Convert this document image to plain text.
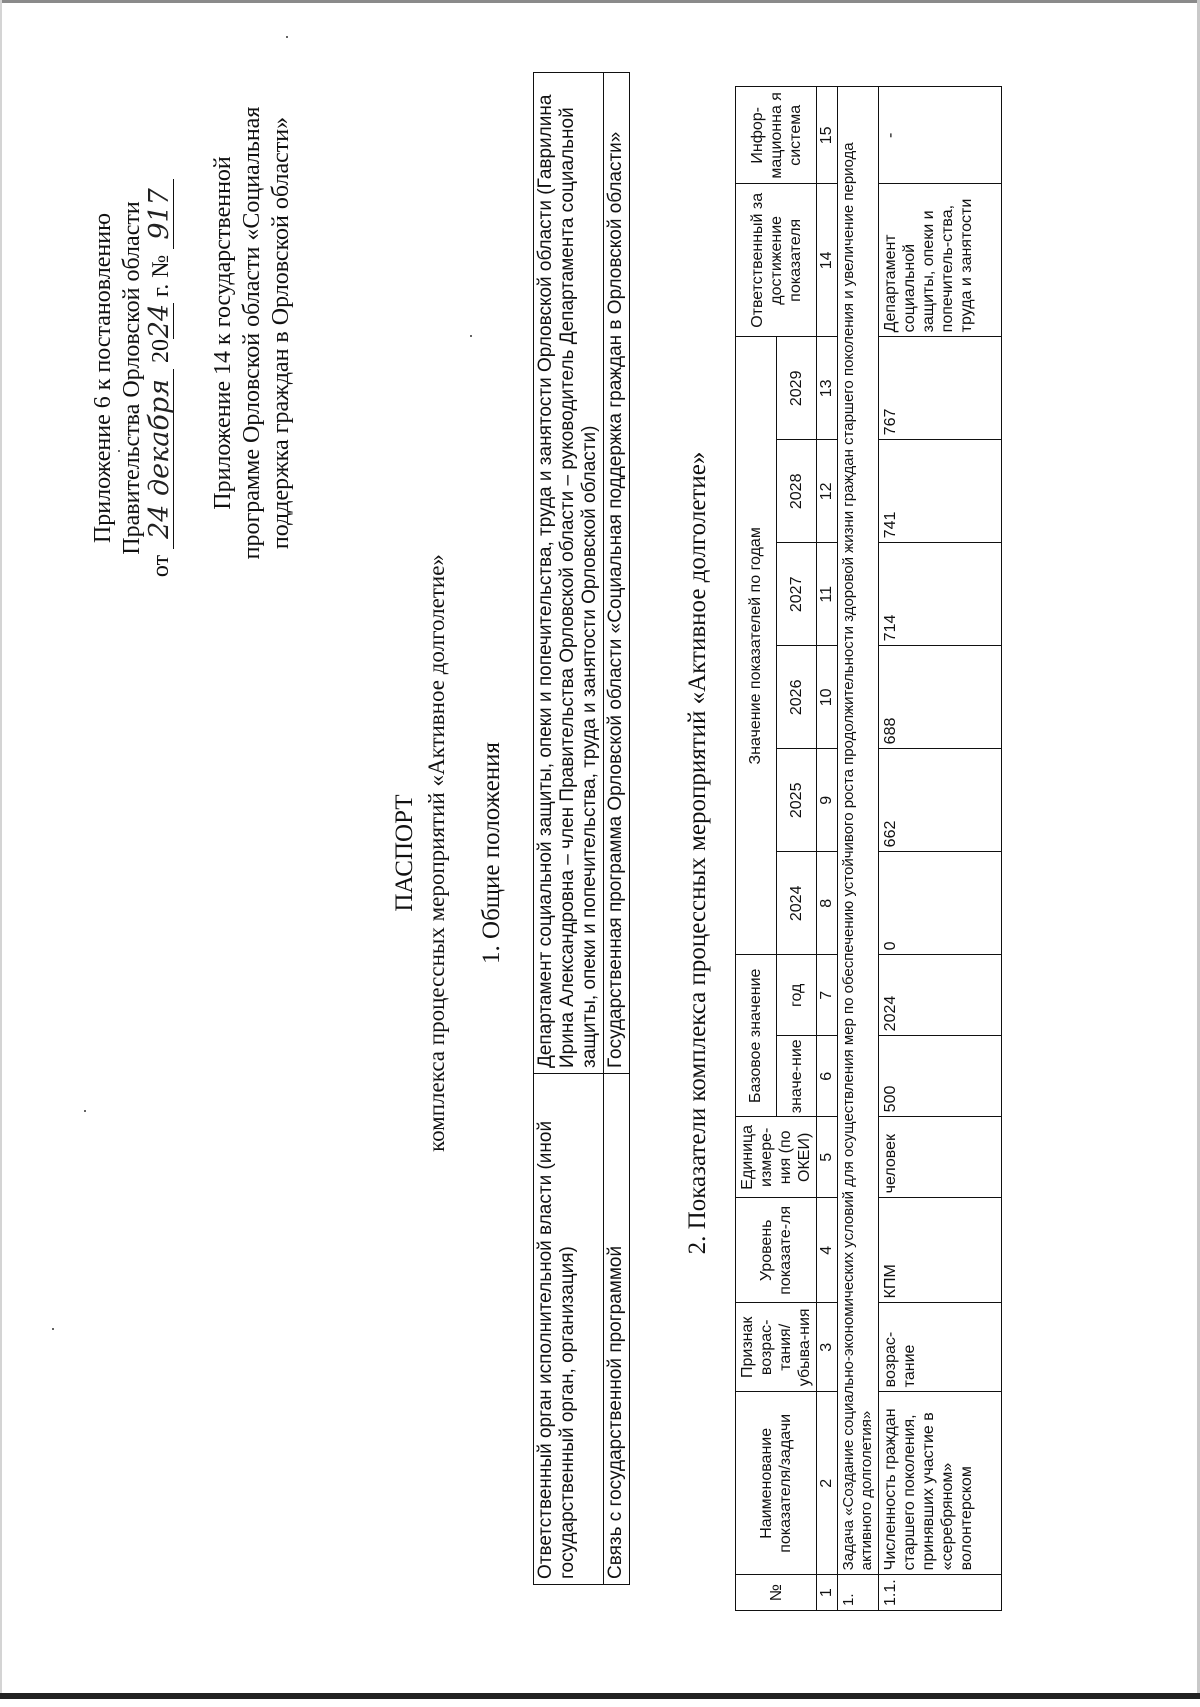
Приложение 6 к постановлению Правительства Орловской области
от 24 декабря 2024 г. № 917 Приложение 14 к государственной программе Орловской области «Социальная поддержка граждан в Орловской области»
ПАСПОРТ комплекса процессных мероприятий «Активное долголетие» 1. Общие положения
Ответственный орган исполнительной власти (иной государственный орган, организация)	Департамент социальной защиты, опеки и попечительства, труда и занятости Орловской области (Гаврилина Ирина Александровна – член Правительства Орловской области – руководитель Департамента социальной защиты, опеки и попечительства, труда и занятости Орловской области)
Связь с государственной программой	Государственная программа Орловской области «Социальная поддержка граждан в Орловской области» 2. Показатели комплекса процессных мероприятий «Активное долголетие»
№	Наименование показателя/задачи	Признак возрас-тания/ убыва-ния	Уровень показате-ля	Единица измере-ния (по ОКЕИ)	Базовое значение		Значение показателей по годам						Ответственный за достижение показателя	Инфор-мационна я система
					значе-ние	год	2024	2025	2026	2027	2028	2029		
1	2	3	4	5	6	7	8	9	10	11	12	13	14	15
1.	Задача «Создание социально-экономических условий для осуществления мер по обеспечению устойчивого роста продолжительности здоровой жизни граждан старшего поколения и увеличение периода активного долголетия»													
1.1.	Численность граждан старшего поколения, принявших участие в «серебряном» волонтерском	возрас-тание	КПМ	человек	500	2024	0	662	688	714	741	767	Департамент социальной защиты, опеки и попечитель-ства, труда и занятости	-
